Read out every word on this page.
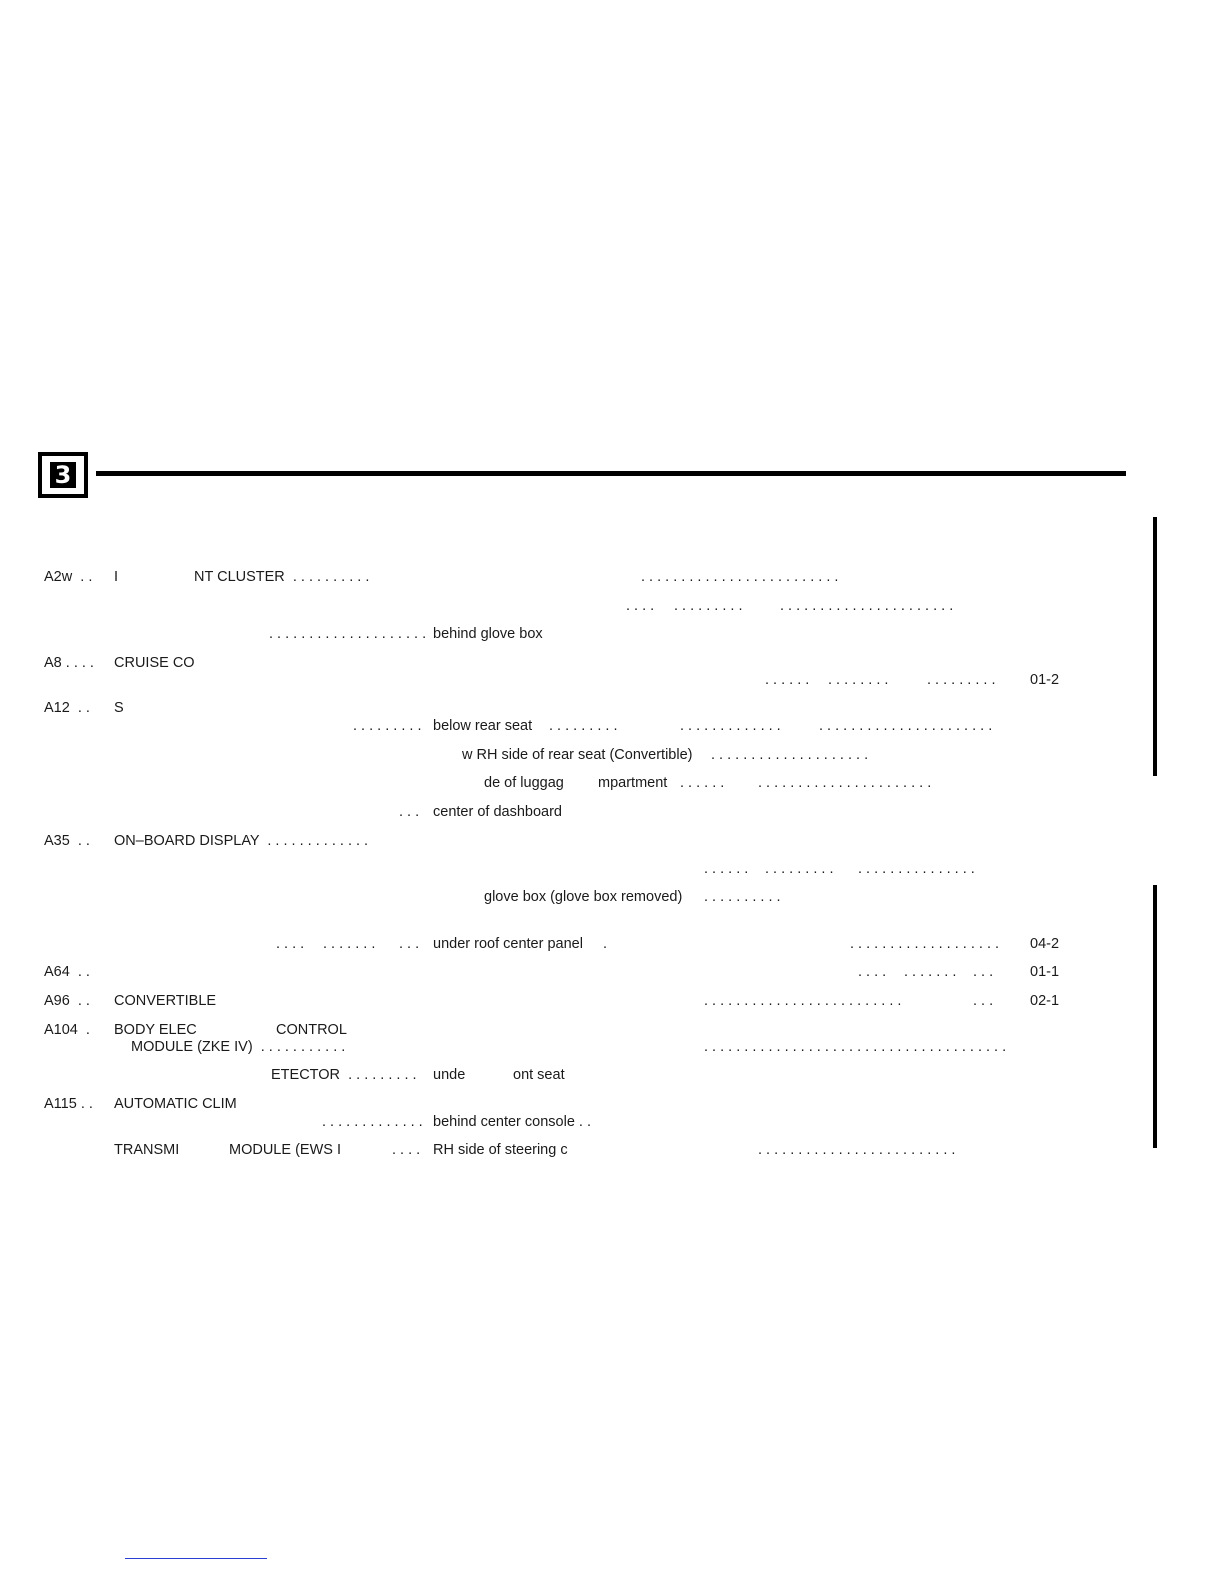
3
A2w  . . I	NT CLUSTER  . . . . . . . . . .	. . . . . . . . . . . . . . . . . . . . . . . . .
. . . . . . . . . . . . .	. . . . . . . . . . . . . . . . . . . . . .
. . . . . . . . . . . . . . . . . . . . behind glove box
A8 . . . . CRUISE CO
. . . . . . . . . . . . . .	. . . . . . . . . 01-2
A12  . . S
. . . . . . . . . below rear seat . . . . . . . . .	. . . . . . . . . . . . .	. . . . . . . . . . . . . . . . . . . . . .
w RH side of rear seat (Convertible) . . . . . . . . . . . . . . . . . . . .
de of luggag mpartment . . . . . . . . . . . . . . . . . . . . . . . . . . . .
. . . center of dashboard
A35  . . ON–BOARD DISPLAY  . . . . . . . . . . . . .
. . . . . . . . . . . . . . . . . . . . . . . . . . . . . .
glove box (glove box removed) . . . . . . . . . .
. . . . . . . . . . . . . . under roof center panel .	. . . . . . . . . . . . . . . . . . . 04-2
A64  . .	. . . . . . . . . . . . . .	01-1
A96  . . CONVERTIBLE	. . . . . . . . . . . . . . . . . . . . . . . . .	. . .	02-1
A104  . BODY ELEC	CONTROL
MODULE (ZKE IV)  . . . . . . . . . . .	. . . . . . . . . . . . . . . . . . . . . . . . . . . . . . . . . . . . . .
ETECTOR  . . . . . . . . . unde	ont seat
A115 . . AUTOMATIC CLIM
. . . . . . . . . . . . . behind center console . .
TRANSMI	MODULE (EWS I	. . . . RH side of steering c	. . . . . . . . . . . . . . . . . . . . . . . . .
